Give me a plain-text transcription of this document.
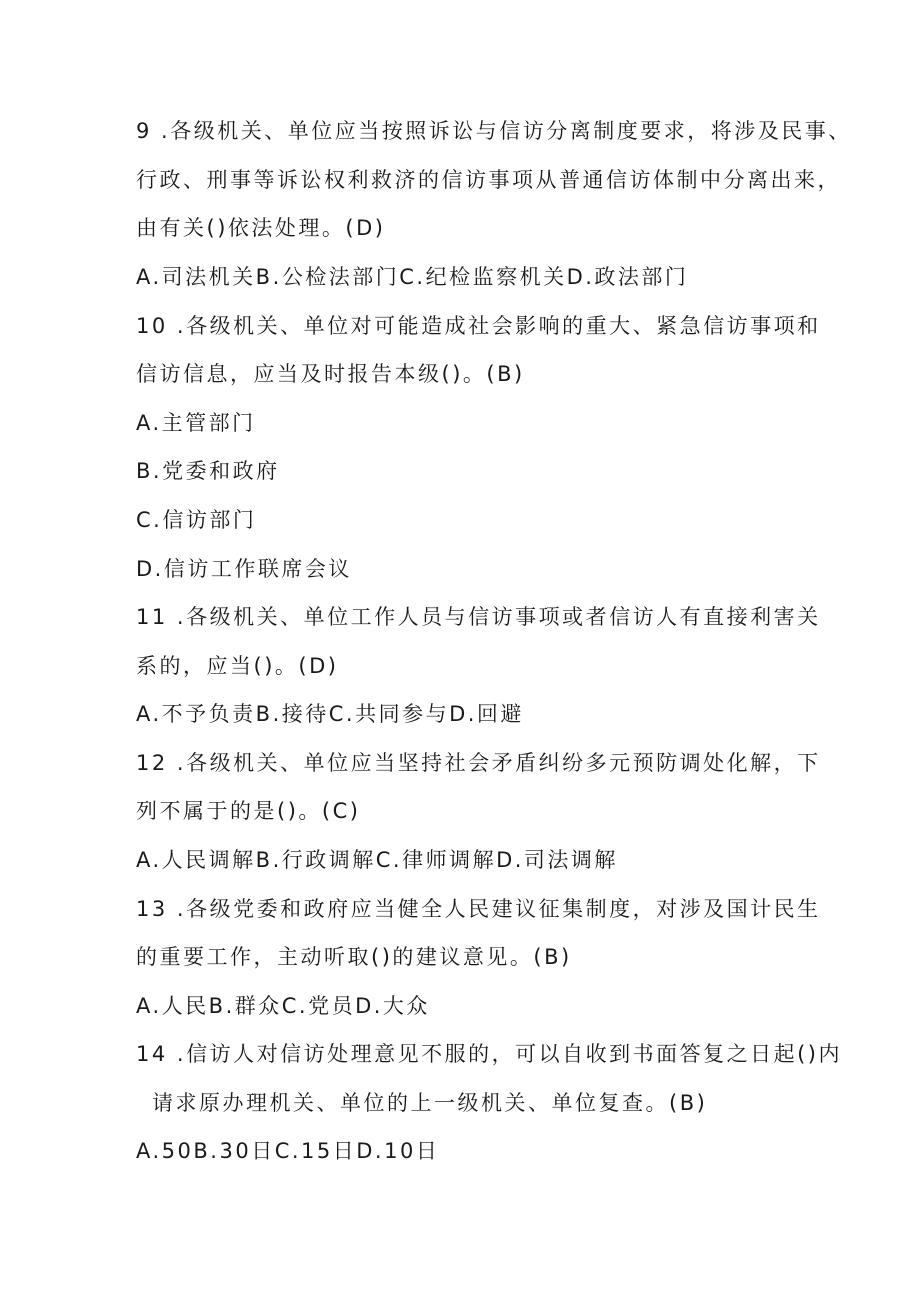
9 .各级机关、单位应当按照诉讼与信访分离制度要求，将涉及民事、
行政、刑事等诉讼权利救济的信访事项从普通信访体制中分离出来，
由有关()依法处理。(D)
A.司法机关B.公检法部门C.纪检监察机关D.政法部门
10 .各级机关、单位对可能造成社会影响的重大、紧急信访事项和
信访信息，应当及时报告本级()。(B)
A.主管部门
B.党委和政府
C.信访部门
D.信访工作联席会议
11 .各级机关、单位工作人员与信访事项或者信访人有直接利害关
系的，应当()。(D)
A.不予负责B.接待C.共同参与D.回避
12 .各级机关、单位应当坚持社会矛盾纠纷多元预防调处化解，下
列不属于的是()。(C)
A.人民调解B.行政调解C.律师调解D.司法调解
13 .各级党委和政府应当健全人民建议征集制度，对涉及国计民生
的重要工作，主动听取()的建议意见。(B)
A.人民B.群众C.党员D.大众
14 .信访人对信访处理意见不服的，可以自收到书面答复之日起()内
请求原办理机关、单位的上一级机关、单位复查。(B)
A.50B.30日C.15日D.10日
